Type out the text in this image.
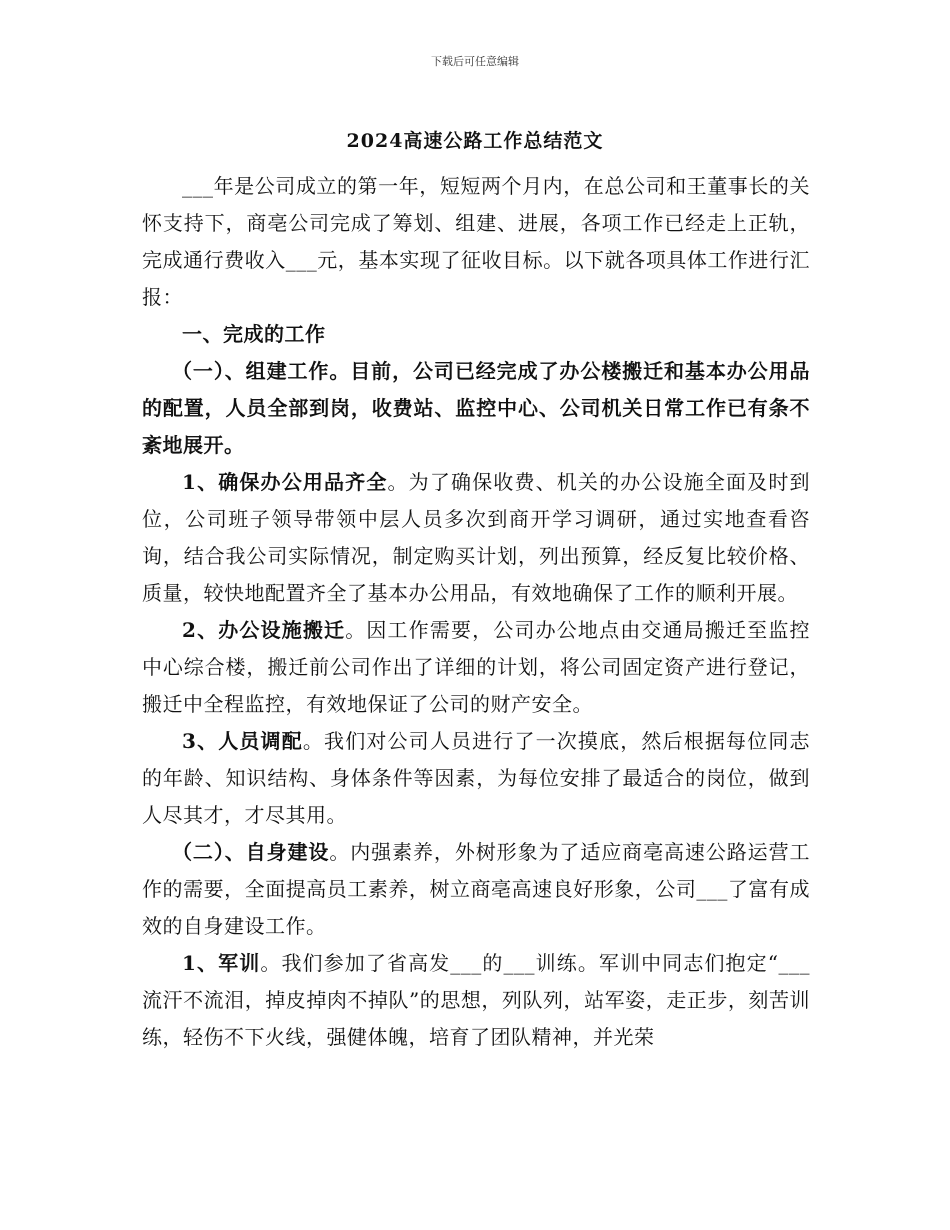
下载后可任意编辑
2024高速公路工作总结范文

___年是公司成立的第一年，短短两个月内，在总公司和王董事长的关怀支持下，商亳公司完成了筹划、组建、进展，各项工作已经走上正轨，完成通行费收入___元，基本实现了征收目标。以下就各项具体工作进行汇报：

一、完成的工作

（一）、组建工作。目前，公司已经完成了办公楼搬迁和基本办公用品的配置，人员全部到岗，收费站、监控中心、公司机关日常工作已有条不紊地展开。

1、确保办公用品齐全。为了确保收费、机关的办公设施全面及时到位，公司班子领导带领中层人员多次到商开学习调研，通过实地查看咨询，结合我公司实际情况，制定购买计划，列出预算，经反复比较价格、质量，较快地配置齐全了基本办公用品，有效地确保了工作的顺利开展。

2、办公设施搬迁。因工作需要，公司办公地点由交通局搬迁至监控中心综合楼，搬迁前公司作出了详细的计划，将公司固定资产进行登记，搬迁中全程监控，有效地保证了公司的财产安全。

3、人员调配。我们对公司人员进行了一次摸底，然后根据每位同志的年龄、知识结构、身体条件等因素，为每位安排了最适合的岗位，做到人尽其才，才尽其用。

（二）、自身建设。内强素养，外树形象为了适应商亳高速公路运营工作的需要，全面提高员工素养，树立商亳高速良好形象，公司___了富有成效的自身建设工作。

1、军训。我们参加了省高发___的___训练。军训中同志们抱定“___流汗不流泪，掉皮掉肉不掉队”的思想，列队列，站军姿，走正步，刻苦训练，轻伤不下火线，强健体魄，培育了团队精神，并光荣
